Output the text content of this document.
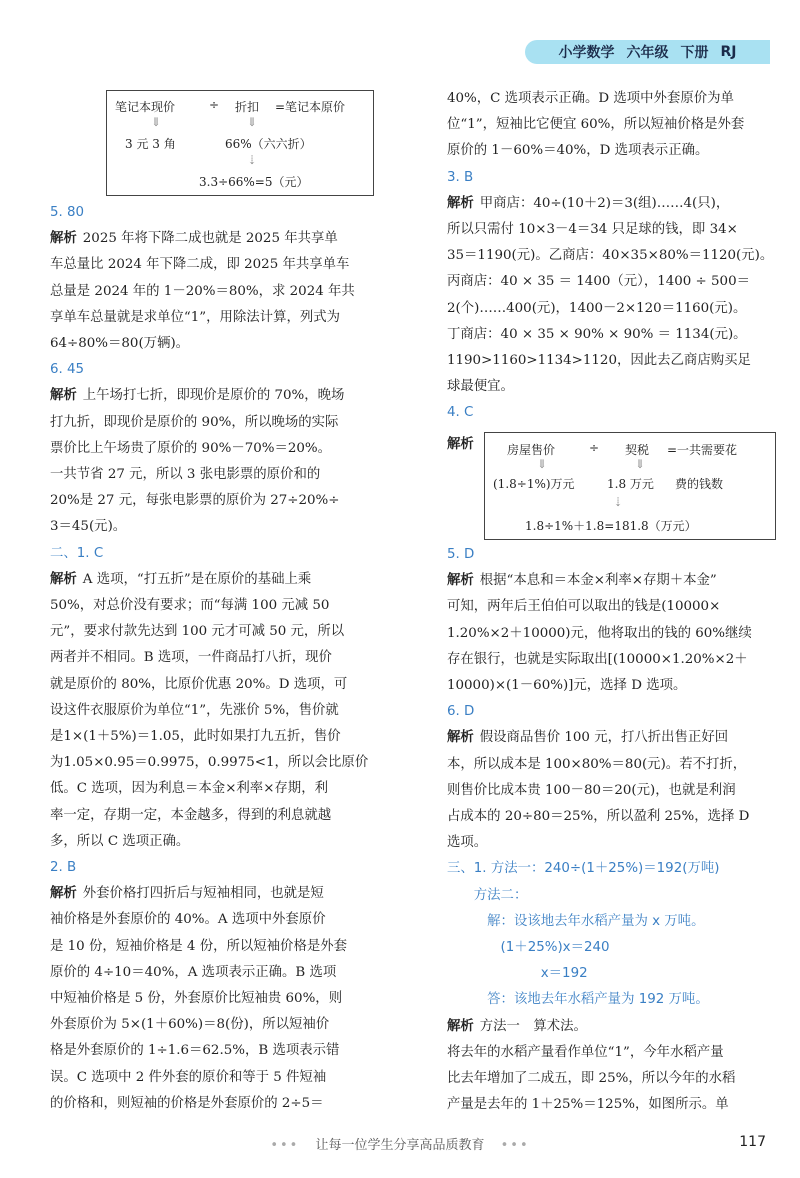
小学数学 六年级 下册 RJ
笔记本现价	÷ 折扣 =笔记本原价
⇓	⇓
3 元 3 角	66%（六六折）
⇣
3.3÷66%=5（元）
5. 80
解析 2025 年将下降二成也就是 2025 年共享单
车总量比 2024 年下降二成，即 2025 年共享单车
总量是 2024 年的 1－20%＝80%，求 2024 年共
享单车总量就是求单位“1”，用除法计算，列式为
64÷80%＝80(万辆)。
6. 45
解析 上午场打七折，即现价是原价的 70%，晚场
打九折，即现价是原价的 90%，所以晚场的实际
票价比上午场贵了原价的 90%－70%＝20%。
一共节省 27 元，所以 3 张电影票的原价和的
20%是 27 元，每张电影票的原价为 27÷20%÷
3＝45(元)。
二、1. C
解析 A 选项，“打五折”是在原价的基础上乘
50%，对总价没有要求；而“每满 100 元减 50
元”，要求付款先达到 100 元才可减 50 元，所以
两者并不相同。B 选项，一件商品打八折，现价
就是原价的 80%，比原价优惠 20%。D 选项，可
设这件衣服原价为单位“1”，先涨价 5%，售价就
是1×(1＋5%)＝1.05，此时如果打九五折，售价
为1.05×0.95＝0.9975，0.9975<1，所以会比原价
低。C 选项，因为利息＝本金×利率×存期，利
率一定，存期一定，本金越多，得到的利息就越
多，所以 C 选项正确。
2. B
解析 外套价格打四折后与短袖相同，也就是短
袖价格是外套原价的 40%。A 选项中外套原价
是 10 份，短袖价格是 4 份，所以短袖价格是外套
原价的 4÷10＝40%，A 选项表示正确。B 选项
中短袖价格是 5 份，外套原价比短袖贵 60%，则
外套原价为 5×(1＋60%)＝8(份)，所以短袖价
格是外套原价的 1÷1.6＝62.5%，B 选项表示错
误。C 选项中 2 件外套的原价和等于 5 件短袖
的价格和，则短袖的价格是外套原价的 2÷5＝
40%，C 选项表示正确。D 选项中外套原价为单
位“1”，短袖比它便宜 60%，所以短袖价格是外套
原价的 1－60%＝40%，D 选项表示正确。
3. B
解析 甲商店：40÷(10＋2)＝3(组)……4(只)，
所以只需付 10×3－4＝34 只足球的钱，即 34×
35＝1190(元)。乙商店：40×35×80%＝1120(元)。
丙商店：40 × 35 ＝ 1400（元），1400 ÷ 500＝
2(个)……400(元)，1400－2×120＝1160(元)。
丁商店：40 × 35 × 90% × 90% ＝ 1134(元)。
1190>1160>1134>1120，因此去乙商店购买足
球最便宜。
4. C
5. D
解析 根据“本息和＝本金×利率×存期＋本金”
可知，两年后王伯伯可以取出的钱是(10000×
1.20%×2＋10000)元，他将取出的钱的 60%继续
存在银行，也就是实际取出[(10000×1.20%×2＋
10000)×(1－60%)]元，选择 D 选项。
6. D
解析 假设商品售价 100 元，打八折出售正好回
本，所以成本是 100×80%＝80(元)。若不打折，
则售价比成本贵 100－80＝20(元)，也就是利润
占成本的 20÷80＝25%，所以盈利 25%，选择 D
选项。
三、1. 方法一：240÷(1＋25%)＝192(万吨)
　　方法二：
　　　解：设该地去年水稻产量为 x 万吨。
　　　　(1＋25%)x＝240
　　　　　　　x＝192
　　　答：该地去年水稻产量为 192 万吨。
解析 方法一　算术法。
将去年的水稻产量看作单位“1”，今年水稻产量
比去年增加了二成五，即 25%，所以今年的水稻
产量是去年的 1＋25%＝125%，如图所示。单
解析	房屋售价	÷ 契税 =一共需要花
⇓	⇓
(1.8÷1%)万元	1.8 万元 费的钱数
⇣
1.8÷1%＋1.8=181.8（万元）
••• 让每一位学生分享高品质教育 •••	117
